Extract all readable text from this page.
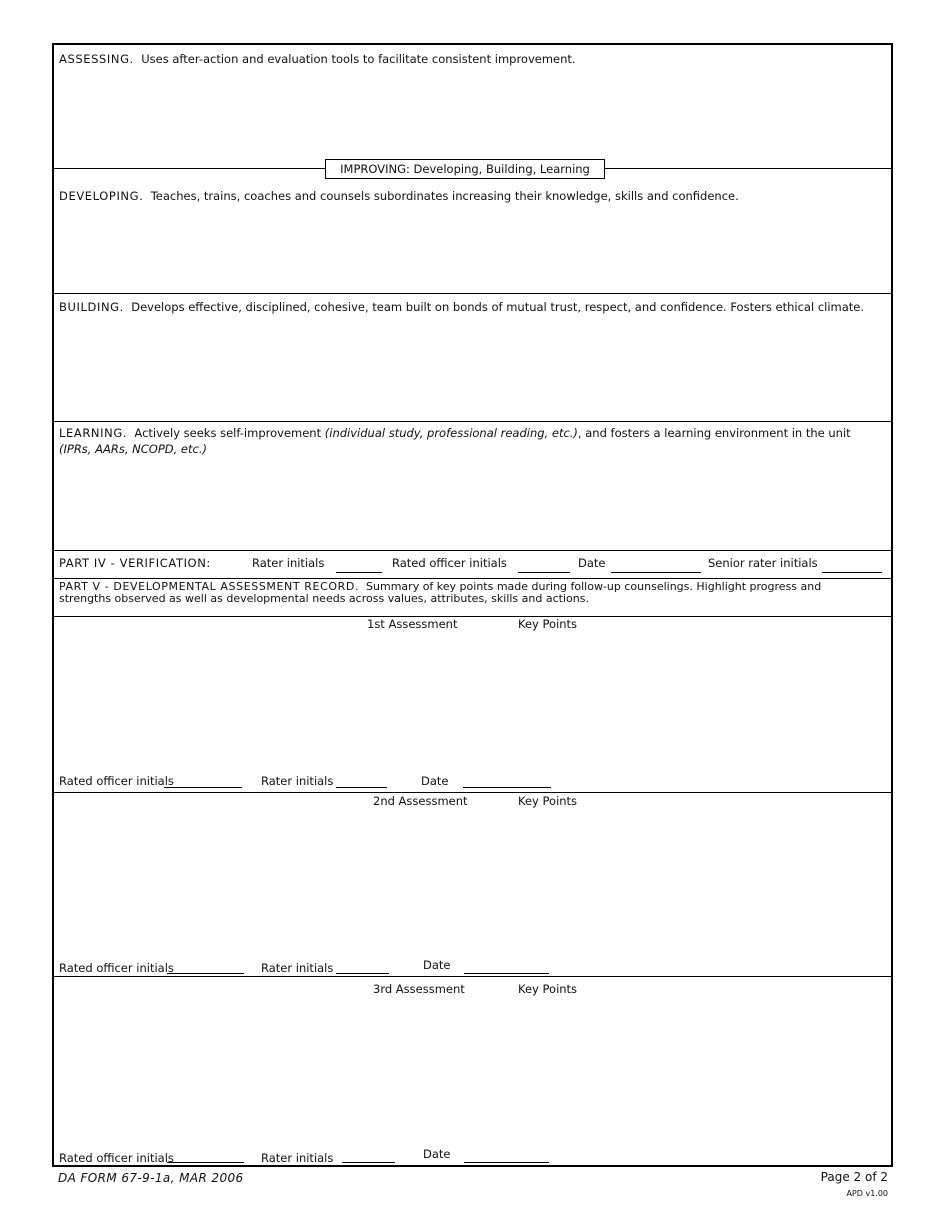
ASSESSING. Uses after-action and evaluation tools to facilitate consistent improvement.
IMPROVING: Developing, Building, Learning
DEVELOPING. Teaches, trains, coaches and counsels subordinates increasing their knowledge, skills and confidence.
BUILDING. Develops effective, disciplined, cohesive, team built on bonds of mutual trust, respect, and confidence. Fosters ethical climate.
LEARNING. Actively seeks self-improvement (individual study, professional reading, etc.), and fosters a learning environment in the unit (IPRs, AARs, NCOPD, etc.)
PART IV - VERIFICATION:	Rater initials	Rated officer initials	Date	Senior rater initials
PART V - DEVELOPMENTAL ASSESSMENT RECORD. Summary of key points made during follow-up counselings. Highlight progress and strengths observed as well as developmental needs across values, attributes, skills and actions.
1st Assessment	Key Points
Rated officer initials	Rater initials	Date
2nd Assessment	Key Points
Rated officer initials	Rater initials	Date
3rd Assessment	Key Points
Rated officer initials	Rater initials	Date
DA FORM 67-9-1a, MAR 2006	Page 2 of 2
APD v1.00
